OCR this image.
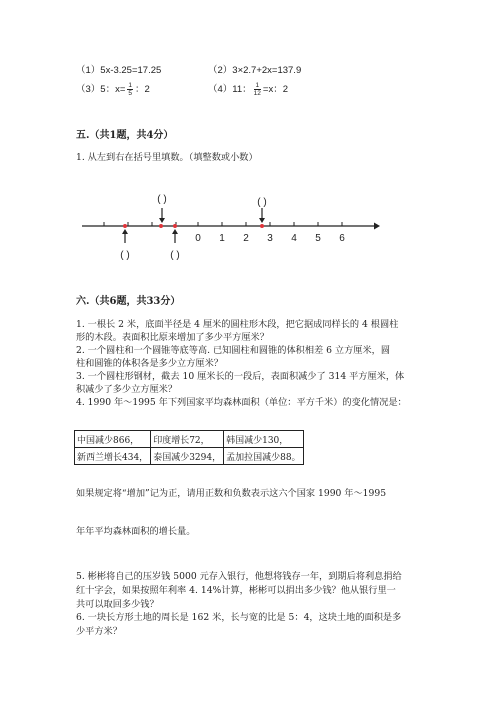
（1）5x-3.25=17.25	（2）3×2.7+2x=137.9
（3）5：$x= \frac{1}{5}$ ：2	（4）11： $\frac{1}{12} =x$：2
五.（共1题，共4分）
1. 从左到右在括号里填数。（填整数或小数）
0 1 2 3 4 5 6
( )	( )
( )	( )
六.（共6题，共33分）
1. 一根长 2 米，底面半径是 4 厘米的圆柱形木段，把它据成同样长的 4 根圆柱
形的木段。表面积比原来增加了多少平方厘米？
2. 一个圆柱和一个圆锥等底等高. 已知圆柱和圆锥的体积相差 6 立方厘米，圆
柱和圆锥的体积各是多少立方厘米？
3. 一个圆柱形钢材，截去 10 厘米长的一段后，表面积减少了 314 平方厘米，体
积减少了多少立方厘米？
4. 1990 年～1995 年下列国家平均森林面积（单位：平方千米）的变化情况是：
中国减少866，	印度增长72，	韩国减少130，
新西兰增长434，	泰国减少3294，	孟加拉国减少88。
如果规定将“增加”记为正，请用正数和负数表示这六个国家 1990 年～1995
年年平均森林面积的增长量。
5. 彬彬将自己的压岁钱 5000 元存入银行，他想将钱存一年，到期后将利息捐给
红十字会，如果按照年利率 4. 14%计算，彬彬可以捐出多少钱？他从银行里一
共可以取回多少钱？
6. 一块长方形土地的周长是 162 米，长与宽的比是 5：4，这块土地的面积是多
少平方米？
